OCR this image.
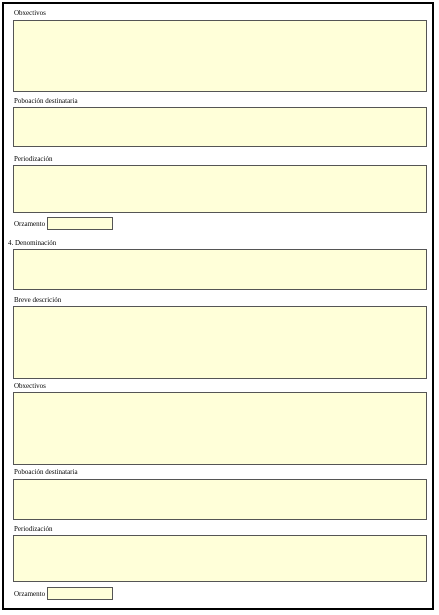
Obxectivos
Poboación destinataria
Periodización
Orzamento
4. Denominación
Breve descrición
Obxectivos
Poboación destinataria
Periodización
Orzamento
